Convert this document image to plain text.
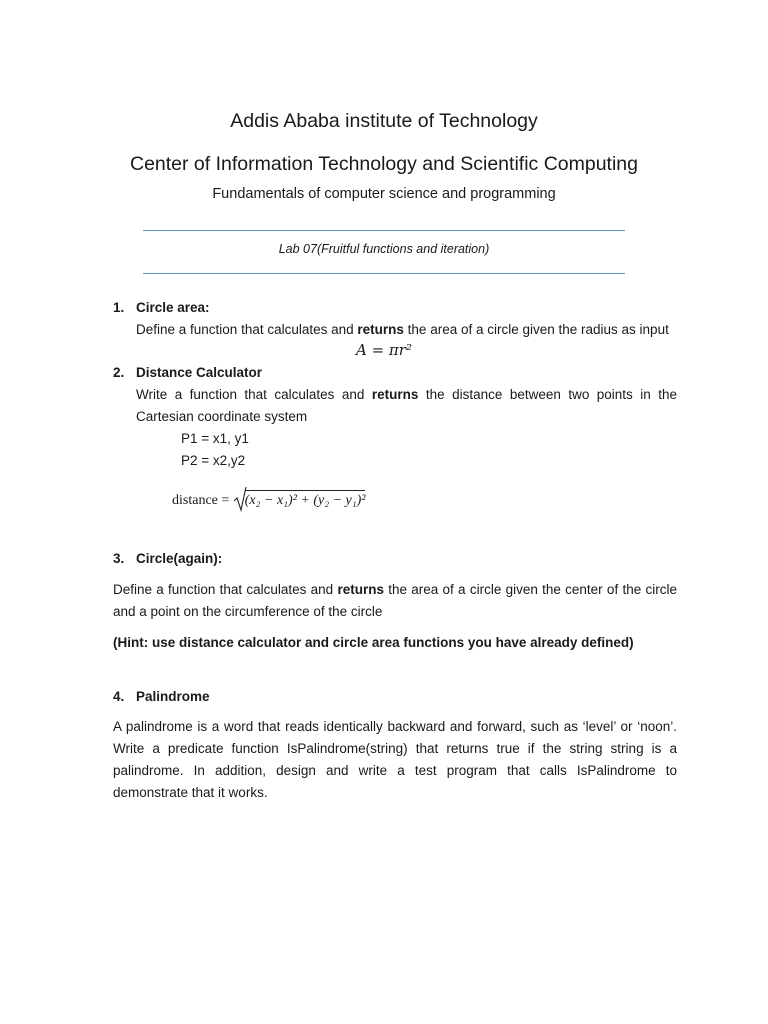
Addis Ababa institute of Technology
Center of Information Technology and Scientific Computing
Fundamentals of computer science and programming
Lab 07(Fruitful functions and iteration)
1. Circle area:
Define a function that calculates and returns the area of a circle given the radius as input
A = πr²
2. Distance Calculator
Write a function that calculates and returns the distance between two points in the Cartesian coordinate system
P1 = x1, y1
P2 = x2,y2
distance = (x₂ − x₁)² + (y₂ − y₁)²
3. Circle(again):
Define a function that calculates and returns the area of a circle given the center of the circle and a point on the circumference of the circle
(Hint: use distance calculator and circle area functions you have already defined)
4. Palindrome
A palindrome is a word that reads identically backward and forward, such as ‘level’ or ‘noon’. Write a predicate function IsPalindrome(string) that returns true if the string string is a palindrome. In addition, design and write a test program that calls IsPalindrome to demonstrate that it works.
